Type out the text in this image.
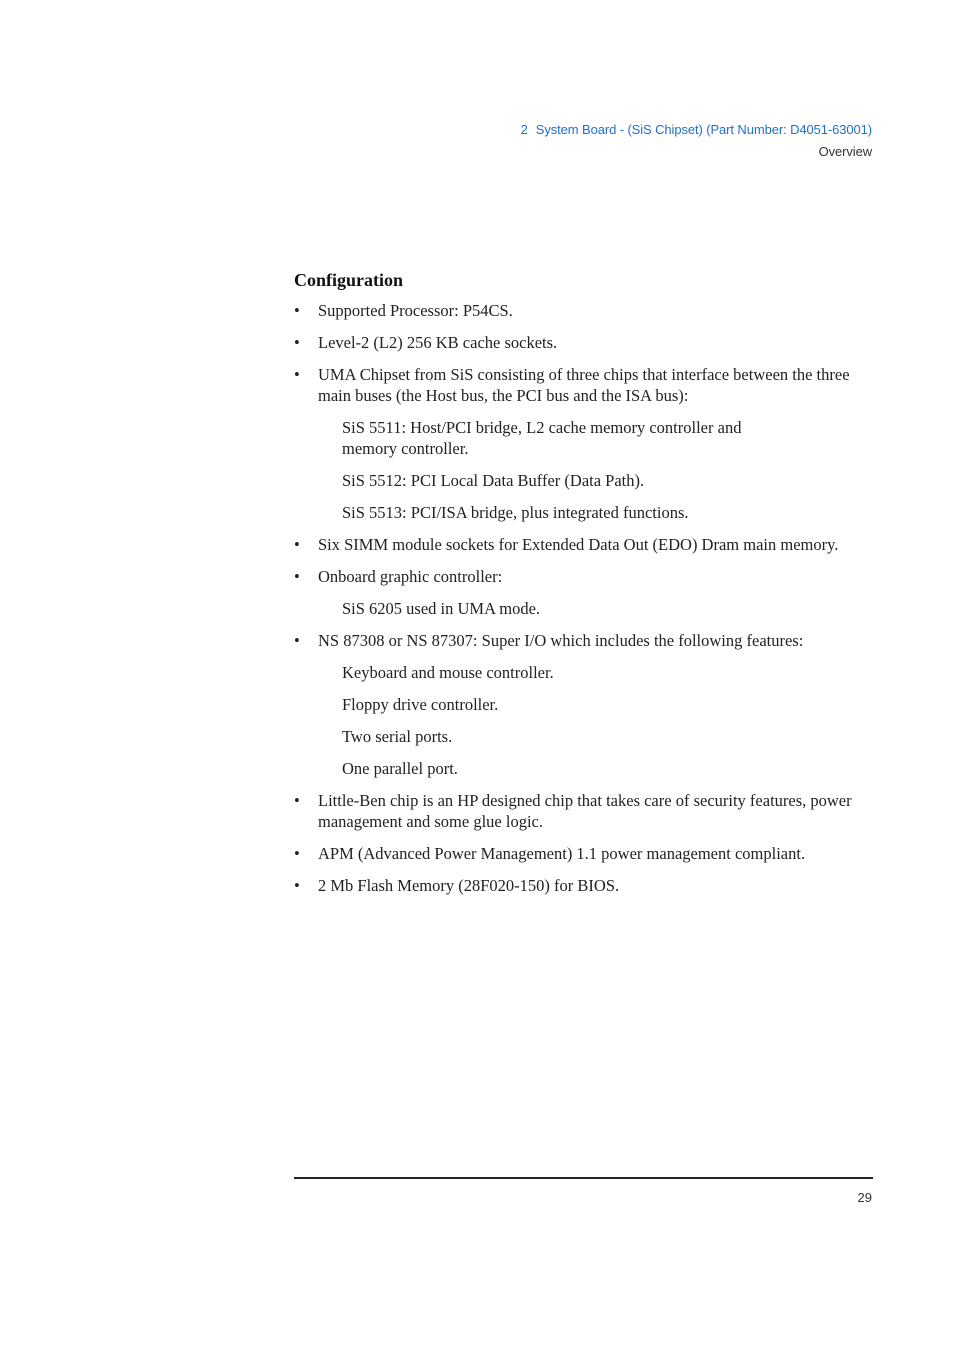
2 System Board - (SiS Chipset) (Part Number: D4051-63001)
Overview
Configuration
• Supported Processor: P54CS.
• Level-2 (L2) 256 KB cache sockets.
• UMA Chipset from SiS consisting of three chips that interface between the three main buses (the Host bus, the PCI bus and the ISA bus):
SiS 5511: Host/PCI bridge, L2 cache memory controller and memory controller.
SiS 5512: PCI Local Data Buffer (Data Path).
SiS 5513: PCI/ISA bridge, plus integrated functions.
• Six SIMM module sockets for Extended Data Out (EDO) Dram main memory.
• Onboard graphic controller:
SiS 6205 used in UMA mode.
• NS 87308 or NS 87307: Super I/O which includes the following features:
Keyboard and mouse controller.
Floppy drive controller.
Two serial ports.
One parallel port.
• Little-Ben chip is an HP designed chip that takes care of security features, power management and some glue logic.
• APM (Advanced Power Management) 1.1 power management compliant.
• 2 Mb Flash Memory (28F020-150) for BIOS.
29
